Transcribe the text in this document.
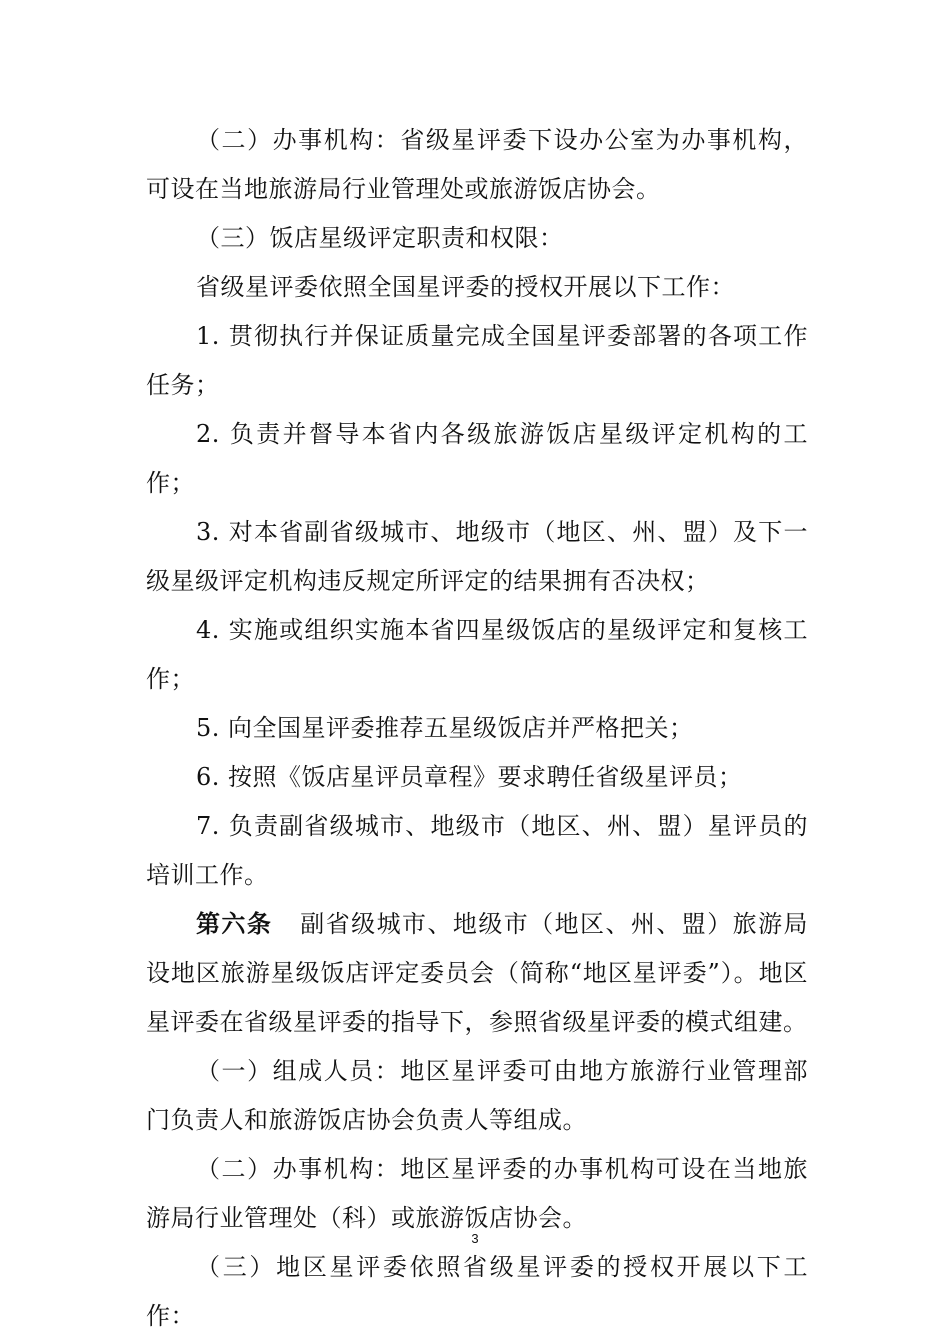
（二）办事机构：省级星评委下设办公室为办事机构，可设在当地旅游局行业管理处或旅游饭店协会。

（三）饭店星级评定职责和权限：

省级星评委依照全国星评委的授权开展以下工作：

1. 贯彻执行并保证质量完成全国星评委部署的各项工作任务；

2. 负责并督导本省内各级旅游饭店星级评定机构的工作；

3. 对本省副省级城市、地级市（地区、州、盟）及下一级星级评定机构违反规定所评定的结果拥有否决权；

4. 实施或组织实施本省四星级饭店的星级评定和复核工作；

5. 向全国星评委推荐五星级饭店并严格把关；

6. 按照《饭店星评员章程》要求聘任省级星评员；

7. 负责副省级城市、地级市（地区、州、盟）星评员的培训工作。

第六条 副省级城市、地级市（地区、州、盟）旅游局设地区旅游星级饭店评定委员会（简称“地区星评委”）。地区星评委在省级星评委的指导下，参照省级星评委的模式组建。

（一）组成人员：地区星评委可由地方旅游行业管理部门负责人和旅游饭店协会负责人等组成。

（二）办事机构：地区星评委的办事机构可设在当地旅游局行业管理处（科）或旅游饭店协会。

（三）地区星评委依照省级星评委的授权开展以下工作：

3
